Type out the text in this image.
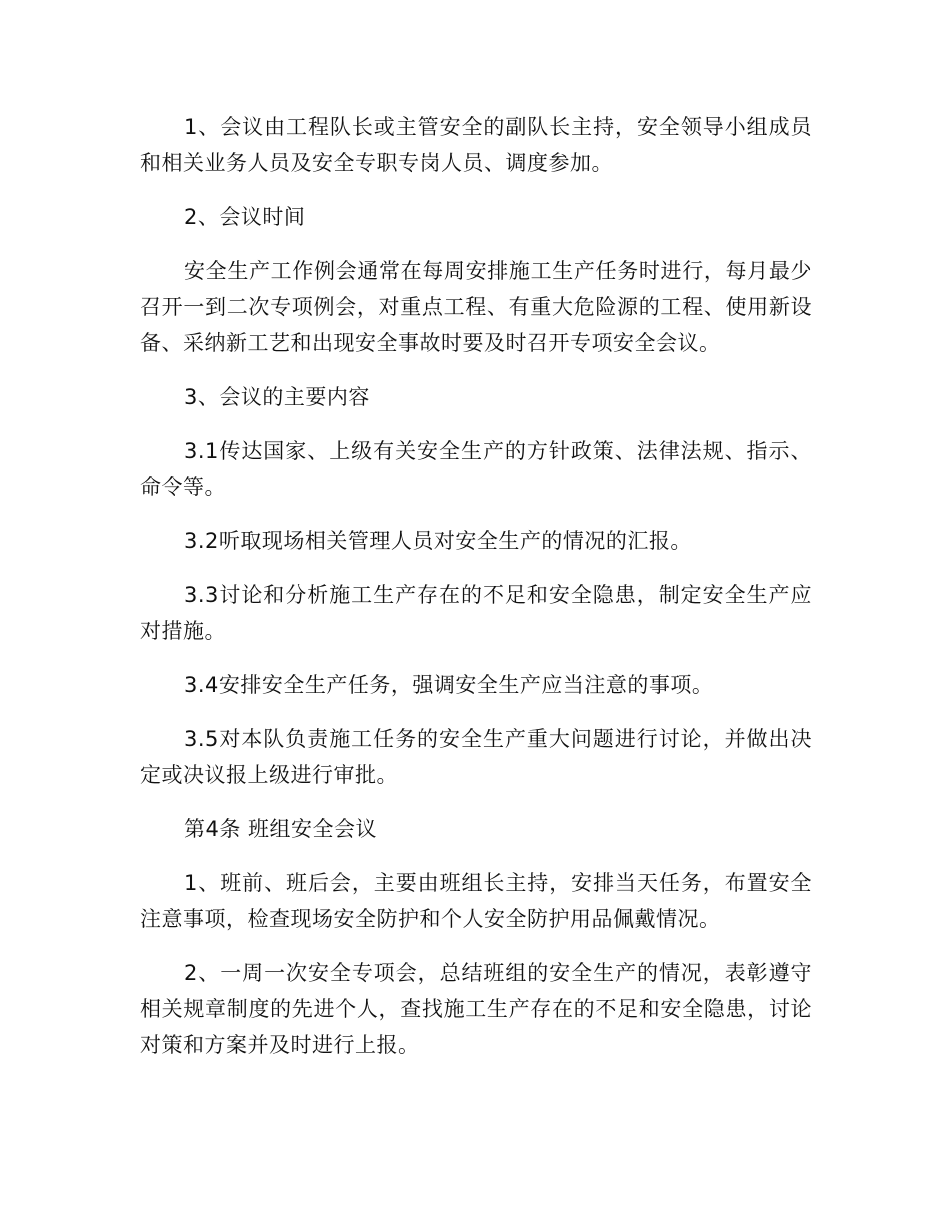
1、会议由工程队长或主管安全的副队长主持，安全领导小组成员和相关业务人员及安全专职专岗人员、调度参加。

2、会议时间

安全生产工作例会通常在每周安排施工生产任务时进行，每月最少召开一到二次专项例会，对重点工程、有重大危险源的工程、使用新设备、采纳新工艺和出现安全事故时要及时召开专项安全会议。

3、会议的主要内容

3.1传达国家、上级有关安全生产的方针政策、法律法规、指示、命令等。

3.2听取现场相关管理人员对安全生产的情况的汇报。

3.3讨论和分析施工生产存在的不足和安全隐患，制定安全生产应对措施。

3.4安排安全生产任务，强调安全生产应当注意的事项。

3.5对本队负责施工任务的安全生产重大问题进行讨论，并做出决定或决议报上级进行审批。

第4条 班组安全会议

1、班前、班后会，主要由班组长主持，安排当天任务，布置安全注意事项，检查现场安全防护和个人安全防护用品佩戴情况。

2、一周一次安全专项会，总结班组的安全生产的情况，表彰遵守相关规章制度的先进个人，查找施工生产存在的不足和安全隐患，讨论对策和方案并及时进行上报。
